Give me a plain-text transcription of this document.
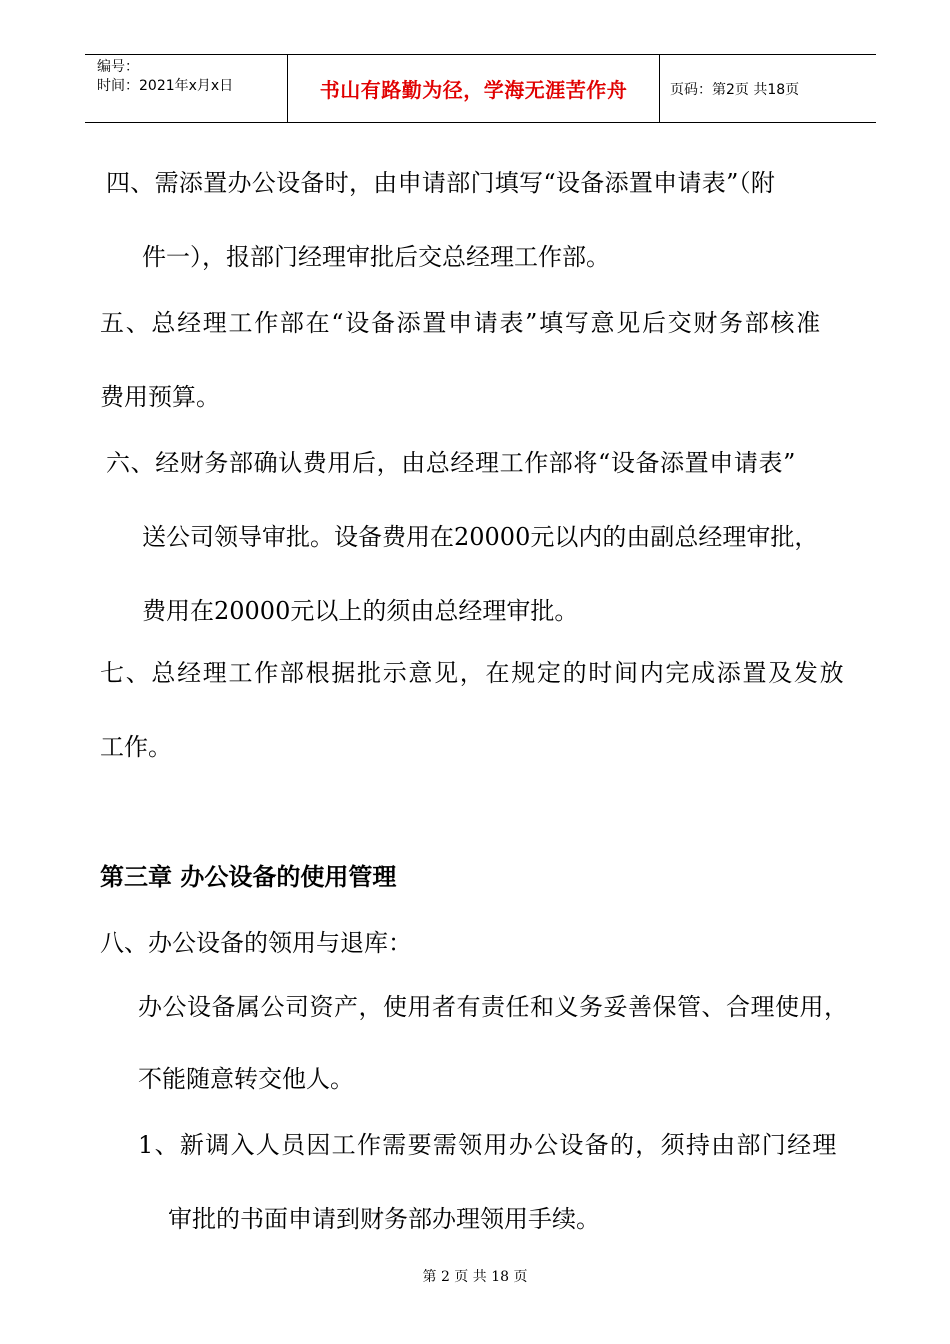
编号：
时间：2021年x月x日	书山有路勤为径，学海无涯苦作舟	页码：第2页 共18页
四、需添置办公设备时，由申请部门填写“设备添置申请表”（附
件一），报部门经理审批后交总经理工作部。
五、总经理工作部在“设备添置申请表”填写意见后交财务部核准
费用预算。
六、经财务部确认费用后，由总经理工作部将“设备添置申请表”
送公司领导审批。设备费用在20000元以内的由副总经理审批，
费用在20000元以上的须由总经理审批。
七、总经理工作部根据批示意见，在规定的时间内完成添置及发放
工作。
第三章 办公设备的使用管理
八、办公设备的领用与退库：
办公设备属公司资产，使用者有责任和义务妥善保管、合理使用，
不能随意转交他人。
1、新调入人员因工作需要需领用办公设备的，须持由部门经理
审批的书面申请到财务部办理领用手续。
第 2 页 共 18 页
